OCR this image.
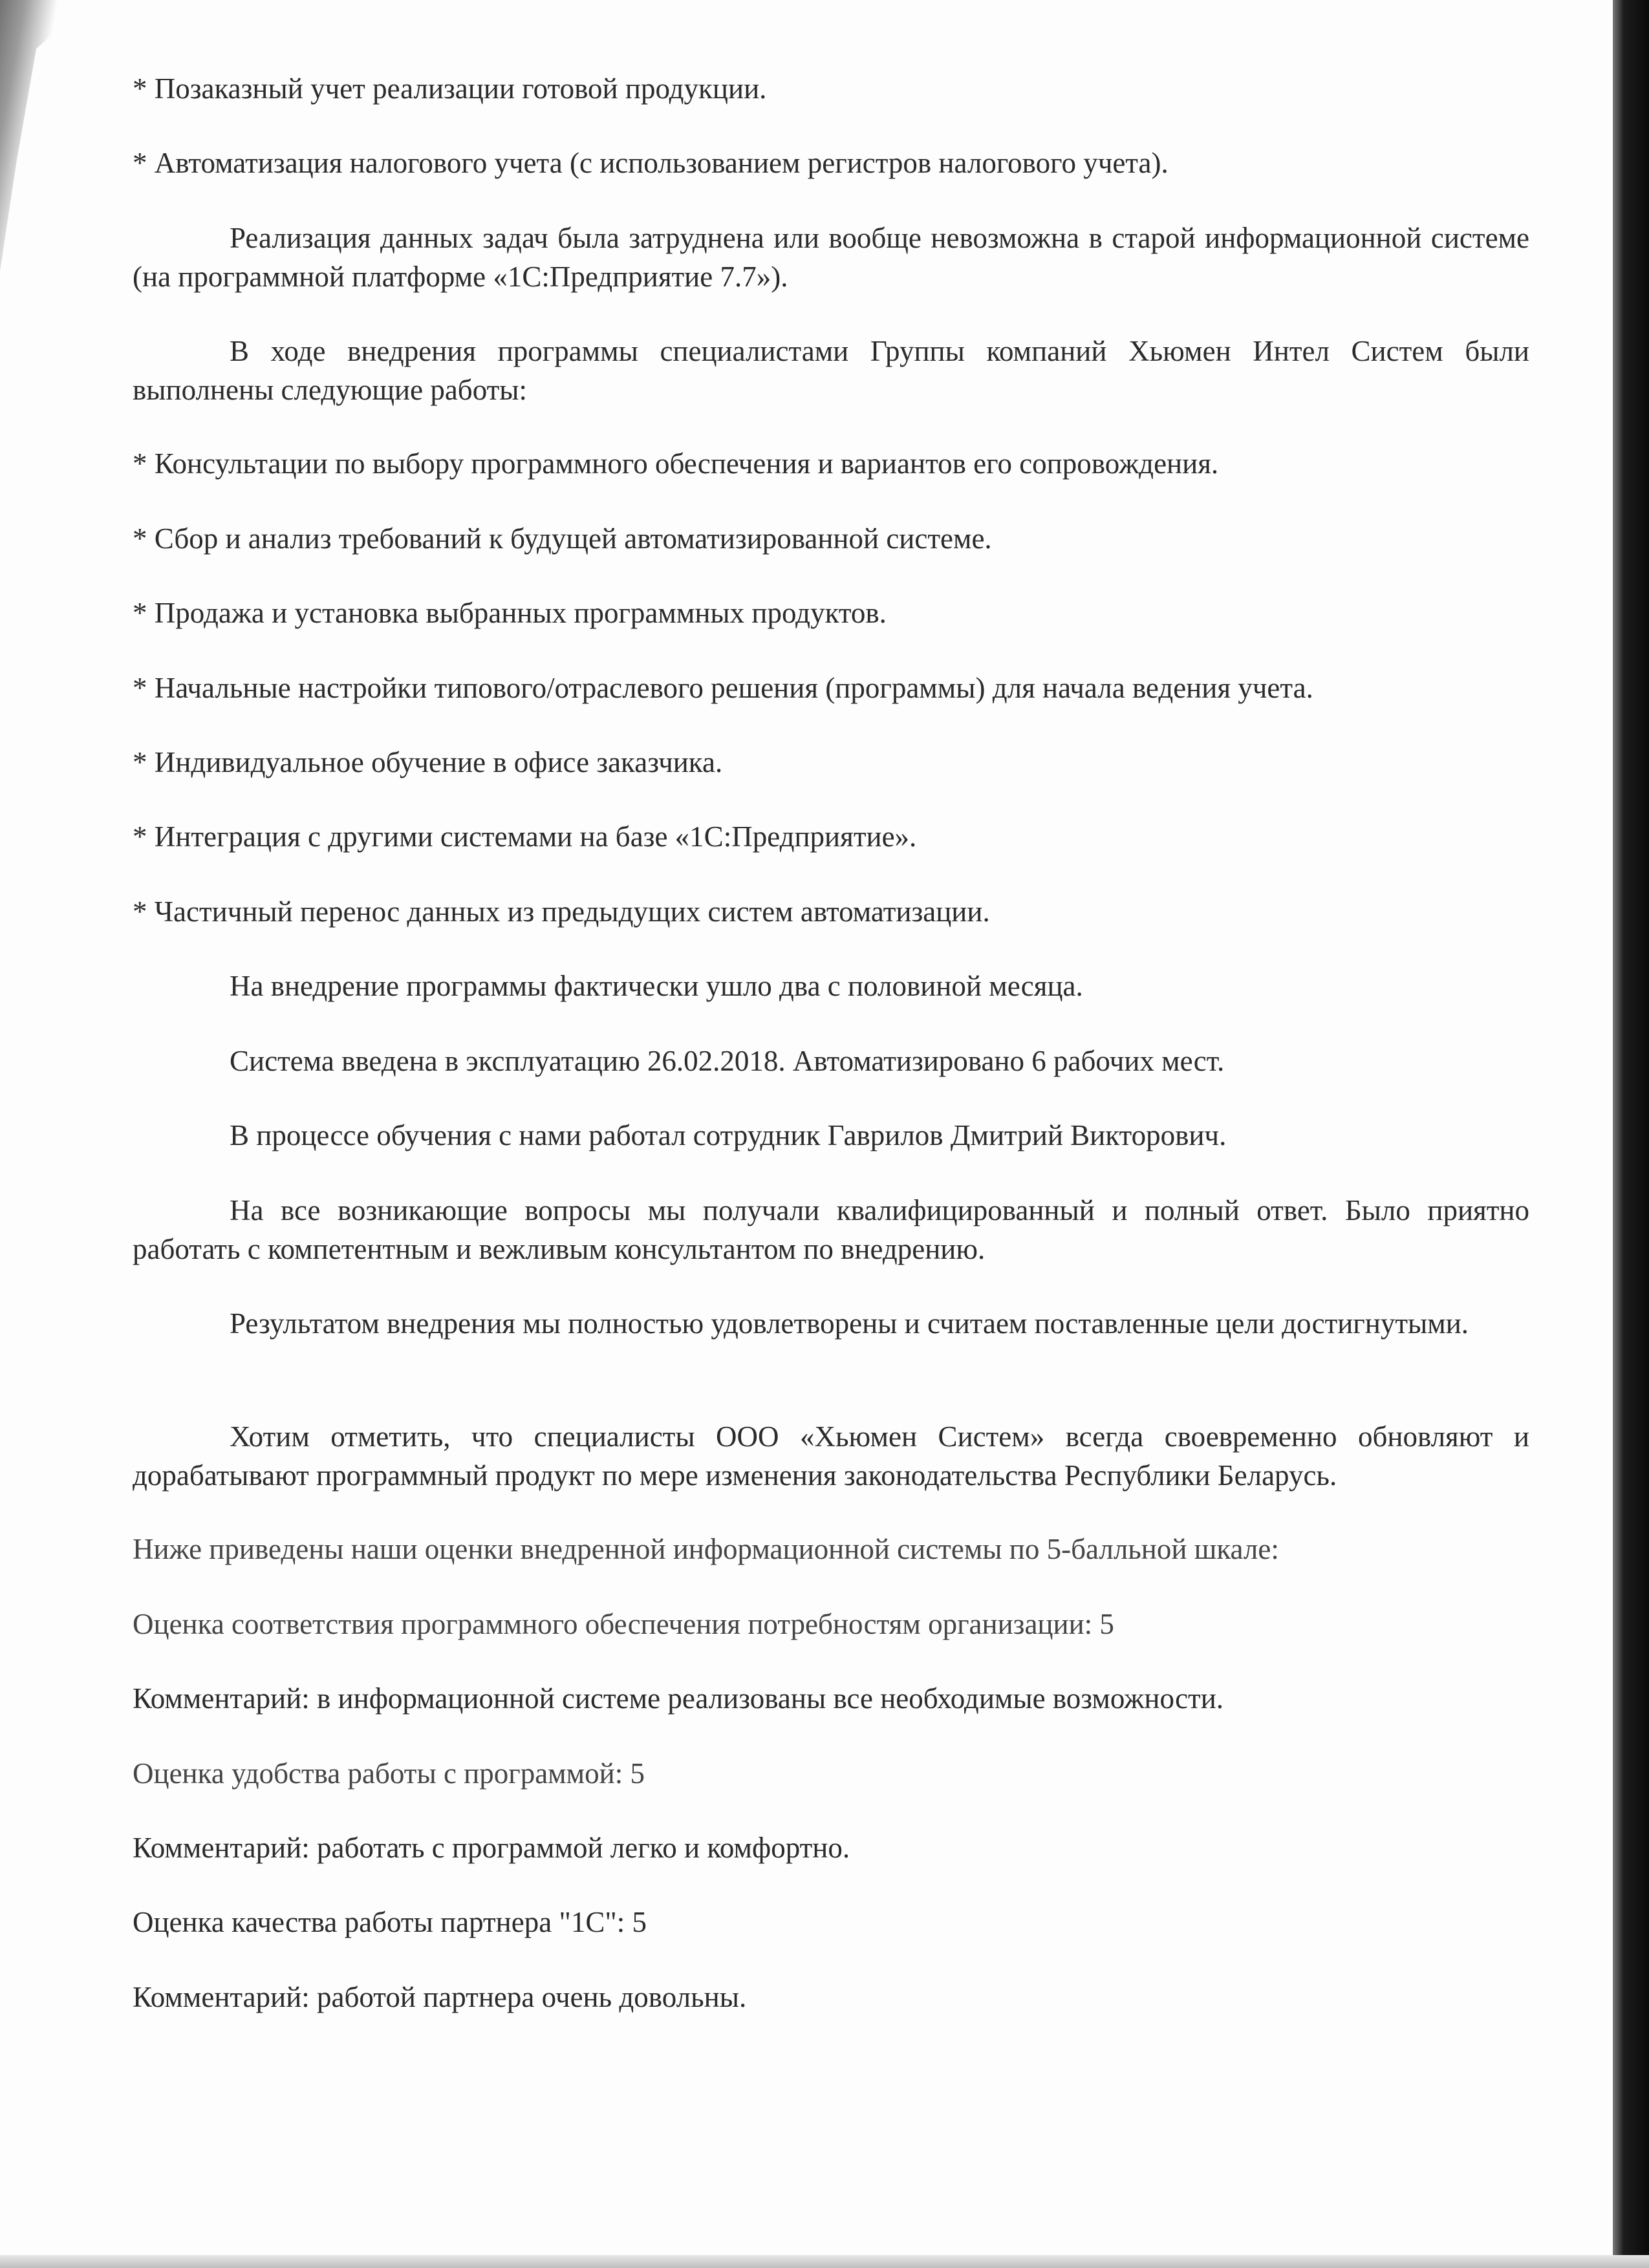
* Позаказный учет реализации готовой продукции.
* Автоматизация налогового учета (с использованием регистров налогового учета).
Реализация данных задач была затруднена или вообще невозможна в старой информационной системе (на программной платформе «1С:Предприятие 7.7»).
В ходе внедрения программы специалистами Группы компаний Хьюмен Интел Систем были выполнены следующие работы:
* Консультации по выбору программного обеспечения и вариантов его сопровождения.
* Сбор и анализ требований к будущей автоматизированной системе.
* Продажа и установка выбранных программных продуктов.
* Начальные настройки типового/отраслевого решения (программы) для начала ведения учета.
* Индивидуальное обучение в офисе заказчика.
* Интеграция с другими системами на базе «1С:Предприятие».
* Частичный перенос данных из предыдущих систем автоматизации.
На внедрение программы фактически ушло два с половиной месяца.
Система введена в эксплуатацию 26.02.2018. Автоматизировано 6 рабочих мест.
В процессе обучения с нами работал сотрудник Гаврилов Дмитрий Викторович.
На все возникающие вопросы мы получали квалифицированный и полный ответ. Было приятно работать с компетентным и вежливым консультантом по внедрению.
Результатом внедрения мы полностью удовлетворены и считаем поставленные цели достигнутыми.
Хотим отметить, что специалисты ООО «Хьюмен Систем» всегда своевременно обновляют и дорабатывают программный продукт по мере изменения законодательства Республики Беларусь.
Ниже приведены наши оценки внедренной информационной системы по 5-балльной шкале:
Оценка соответствия программного обеспечения потребностям организации: 5
Комментарий: в информационной системе реализованы все необходимые возможности.
Оценка удобства работы с программой: 5
Комментарий: работать с программой легко и комфортно.
Оценка качества работы партнера "1С": 5
Комментарий: работой партнера очень довольны.
